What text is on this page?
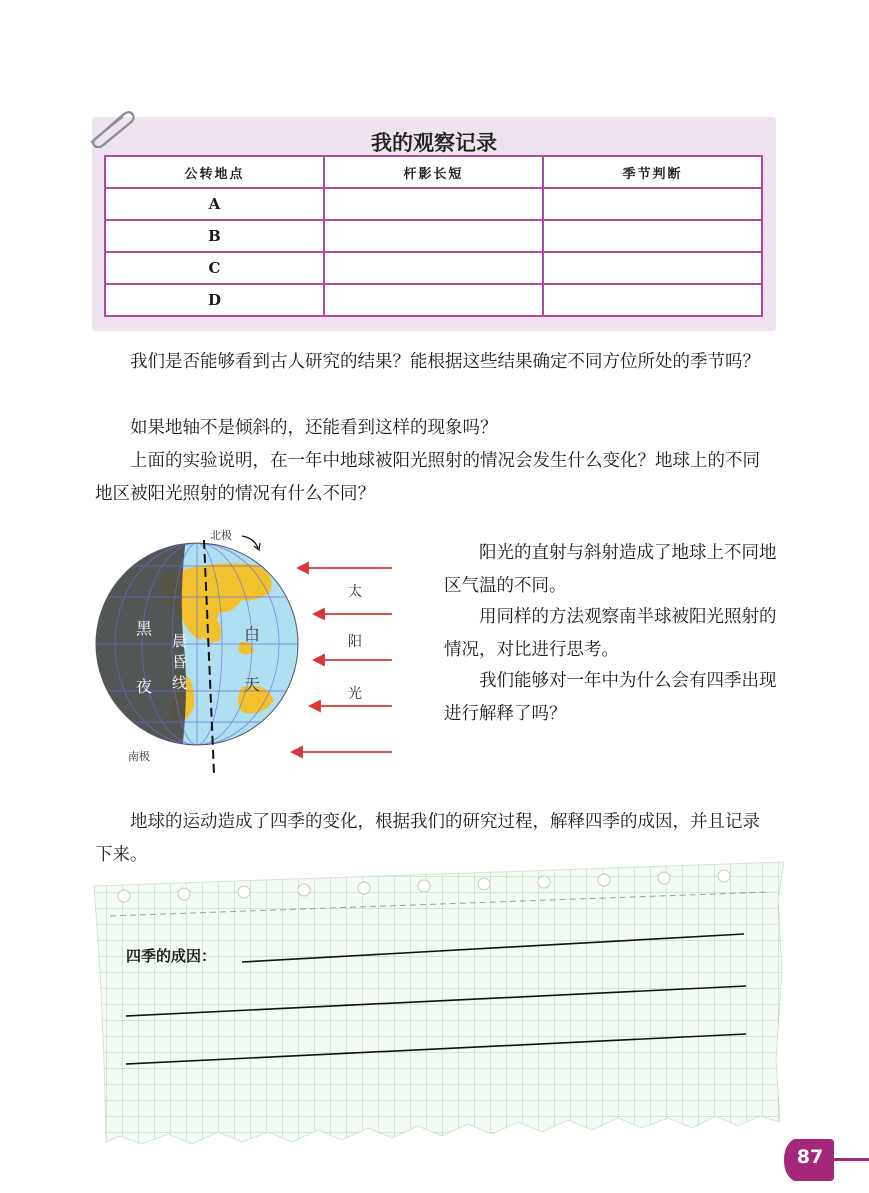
我的观察记录
公转地点	杆影长短	季节判断
A		
B		
C		
D		

我们是否能够看到古人研究的结果？能根据这些结果确定不同方位所处的季节吗？

如果地轴不是倾斜的，还能看到这样的现象吗？

上面的实验说明，在一年中地球被阳光照射的情况会发生什么变化？地球上的不同地区被阳光照射的情况有什么不同？

北极
南极
黑
夜
晨
昏
线
白
天
太
阳
光

阳光的直射与斜射造成了地球上不同地区气温的不同。

用同样的方法观察南半球被阳光照射的情况，对比进行思考。

我们能够对一年中为什么会有四季出现进行解释了吗？

地球的运动造成了四季的变化，根据我们的研究过程，解释四季的成因，并且记录下来。

四季的成因：
87
